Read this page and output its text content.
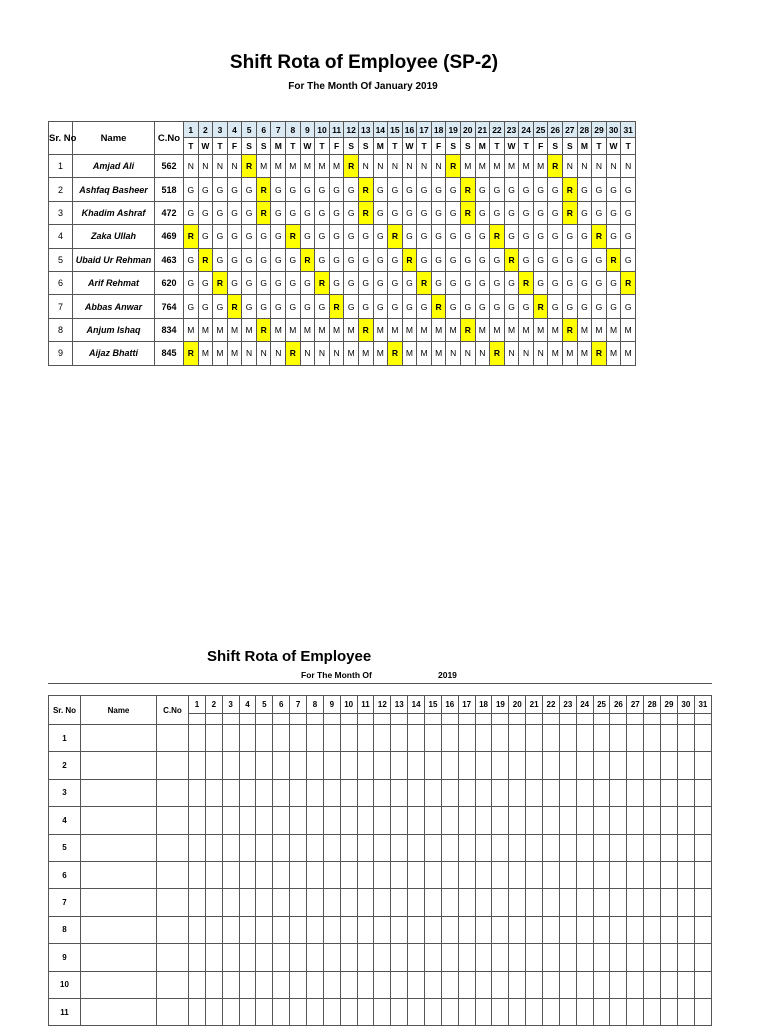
Shift Rota of Employee (SP-2)
For The Month Of January 2019
Sr. No	Name	C.No	1	2	3	4	5	6	7	8	9	10	11	12	13	14	15	16	17	18	19	20	21	22	23	24	25	26	27	28	29	30	31
			T	W	T	F	S	S	M	T	W	T	F	S	S	M	T	W	T	F	S	S	M	T	W	T	F	S	S	M	T	W	T
1	Amjad Ali	562	N	N	N	N	R	M	M	M	M	M	M	R	N	N	N	N	N	N	R	M	M	M	M	M	M	R	N	N	N	N	N
2	Ashfaq Basheer	518	G	G	G	G	G	R	G	G	G	G	G	G	R	G	G	G	G	G	G	R	G	G	G	G	G	G	R	G	G	G	G
3	Khadim Ashraf	472	G	G	G	G	G	R	G	G	G	G	G	G	R	G	G	G	G	G	G	R	G	G	G	G	G	G	R	G	G	G	G
4	Zaka Ullah	469	R	G	G	G	G	G	G	R	G	G	G	G	G	G	R	G	G	G	G	G	G	R	G	G	G	G	G	G	R	G	G
5	Ubaid Ur Rehman	463	G	R	G	G	G	G	G	G	R	G	G	G	G	G	G	R	G	G	G	G	G	G	R	G	G	G	G	G	G	R	G
6	Arif Rehmat	620	G	G	R	G	G	G	G	G	G	R	G	G	G	G	G	G	R	G	G	G	G	G	G	R	G	G	G	G	G	G	R
7	Abbas Anwar	764	G	G	G	R	G	G	G	G	G	G	R	G	G	G	G	G	G	R	G	G	G	G	G	G	R	G	G	G	G	G	G
8	Anjum Ishaq	834	M	M	M	M	M	R	M	M	M	M	M	M	R	M	M	M	M	M	M	R	M	M	M	M	M	M	R	M	M	M	M
9	Aijaz Bhatti	845	R	M	M	M	N	N	N	R	N	N	N	M	M	M	R	M	M	M	N	N	N	R	N	N	N	M	M	M	R	M	M
Shift Rota of Employee
For The Month Of	2019
Sr. No	Name	C.No	1	2	3	4	5	6	7	8	9	10	11	12	13	14	15	16	17	18	19	20	21	22	23	24	25	26	27	28	29	30	31

1																																	
2																																	
3																																	
4																																	
5																																	
6																																	
7																																	
8																																	
9																																	
10																																	
11																																	
